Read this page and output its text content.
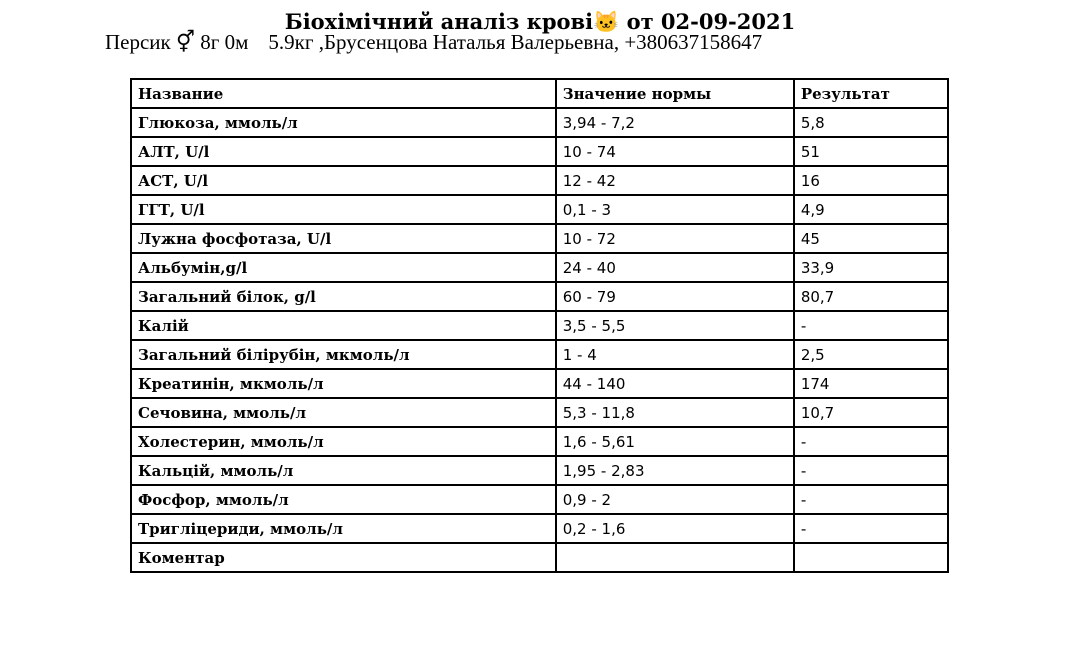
Біохімічний аналіз крові🐱 от 02-09-2021
Персик ⚥ 8г 0м 5.9кг ,Брусенцова Наталья Валерьевна, +380637158647
Название	Значение нормы	Результат
Глюкоза, ммоль/л	3,94 - 7,2	5,8
АЛТ, U/l	10 - 74	51
АСТ, U/l	12 - 42	16
ГГТ, U/l	0,1 - 3	4,9
Лужна фосфотаза, U/l	10 - 72	45
Альбумін,g/l	24 - 40	33,9
Загальний білок, g/l	60 - 79	80,7
Калій	3,5 - 5,5	-
Загальний білірубін, мкмоль/л	1 - 4	2,5
Креатинін, мкмоль/л	44 - 140	174
Сечовина, ммоль/л	5,3 - 11,8	10,7
Холестерин, ммоль/л	1,6 - 5,61	-
Кальцій, ммоль/л	1,95 - 2,83	-
Фосфор, ммоль/л	0,9 - 2	-
Тригліцериди, ммоль/л	0,2 - 1,6	-
Коментар		
